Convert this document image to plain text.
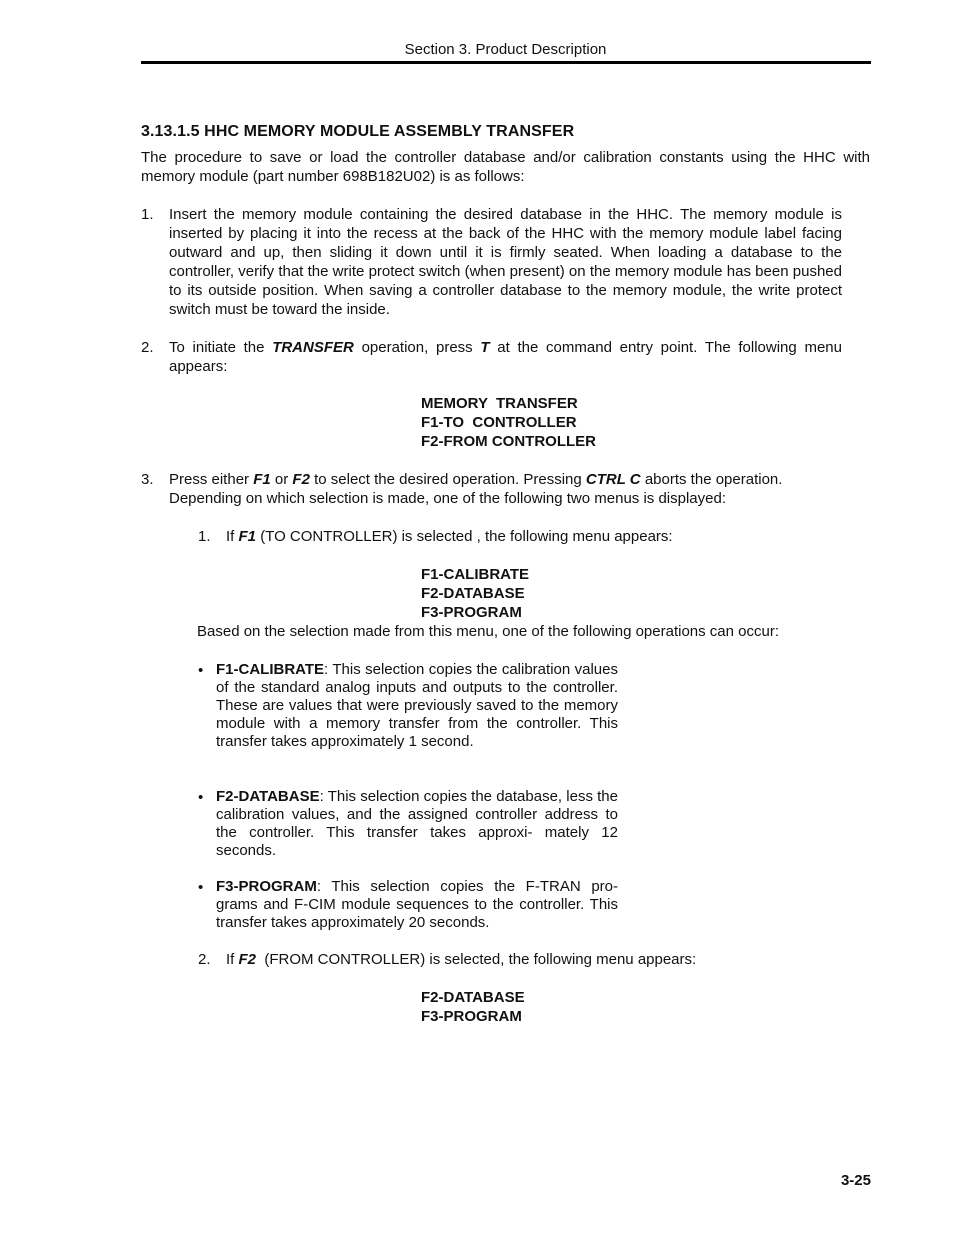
Section 3. Product Description
3.13.1.5 HHC MEMORY MODULE ASSEMBLY TRANSFER
The procedure to save or load the controller database and/or calibration constants using the HHC with memory module (part number 698B182U02) is as follows:
1.	Insert the memory module containing the desired database in the HHC. The memory module is inserted by placing it into the recess at the back of the HHC with the memory module label facing outward and up, then sliding it down until it is firmly seated. When loading a database to the controller, verify that the write protect switch (when present) on the memory module has been pushed to its outside position. When saving a controller database to the memory module, the write protect switch must be toward the inside.
2.	To initiate the TRANSFER operation, press T at the command entry point. The following menu appears:
MEMORY  TRANSFER
F1-TO  CONTROLLER
F2-FROM CONTROLLER
3.	Press either F1 or F2 to select the desired operation. Pressing CTRL C aborts the operation. Depending on which selection is made, one of the following two menus is displayed:
1.	If F1 (TO CONTROLLER) is selected , the following menu appears:
F1-CALIBRATE
F2-DATABASE
F3-PROGRAM
Based on the selection made from this menu, one of the following operations can occur:
• F1-CALIBRATE: This selection copies the calibration values of the standard analog inputs and outputs to the controller. These are values that were previously saved to the memory module with a memory transfer from the controller. This transfer takes approximately 1 second.
• F2-DATABASE: This selection copies the database, less the calibration values, and the assigned controller address to the controller. This transfer takes approxi- mately 12 seconds.
• F3-PROGRAM: This selection copies the F-TRAN pro- grams and F-CIM module sequences to the controller. This transfer takes approximately 20 seconds.
2.	If F2  (FROM CONTROLLER) is selected, the following menu appears:
F2-DATABASE
F3-PROGRAM
3-25
